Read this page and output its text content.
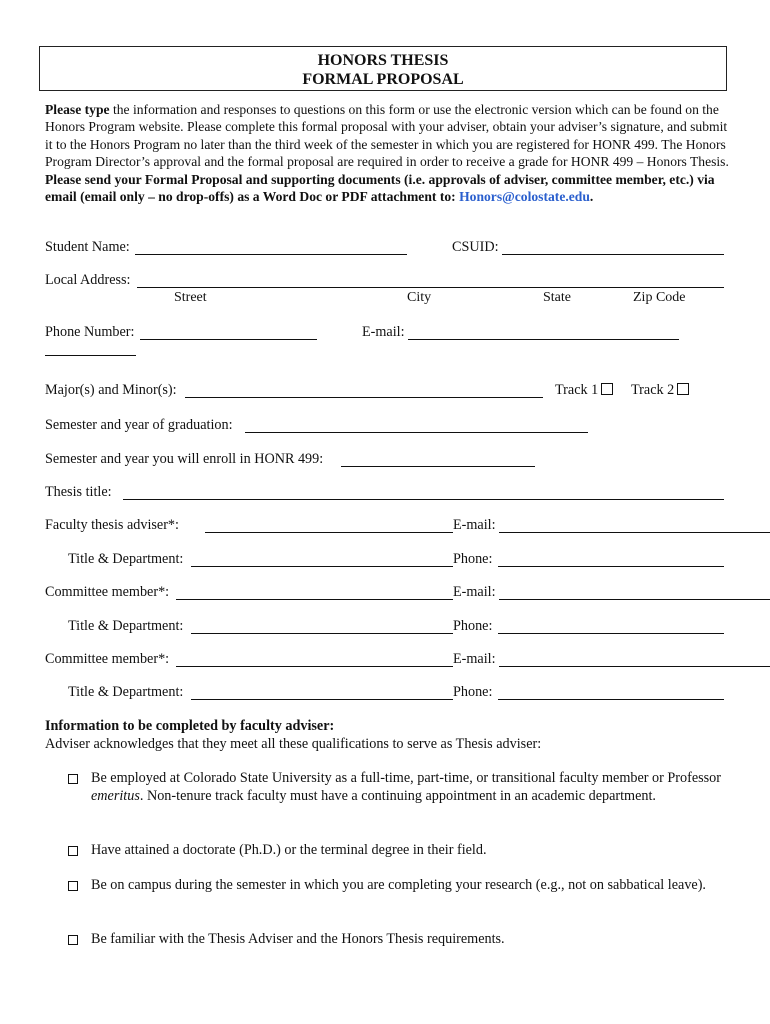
HONORS THESIS
FORMAL PROPOSAL
Please type the information and responses to questions on this form or use the electronic version which can be found on the Honors Program website. Please complete this formal proposal with your adviser, obtain your adviser’s signature, and submit it to the Honors Program no later than the third week of the semester in which you are registered for HONR 499. The Honors Program Director’s approval and the formal proposal are required in order to receive a grade for HONR 499 – Honors Thesis. Please send your Formal Proposal and supporting documents (i.e. approvals of adviser, committee member, etc.) via email (email only – no drop-offs) as a Word Doc or PDF attachment to: Honors@colostate.edu.
Student Name:	CSUID:
Local Address:
Street	City	State	Zip Code
Phone Number:	E-mail:
Major(s) and Minor(s):	Track 1	Track 2
Semester and year of graduation:
Semester and year you will enroll in HONR 499:
Thesis title:
Faculty thesis adviser*:	E-mail:
Title & Department:	Phone:
Committee member*:	E-mail:
Title & Department:	Phone:
Committee member*:	E-mail:
Title & Department:	Phone:
Information to be completed by faculty adviser:
Adviser acknowledges that they meet all these qualifications to serve as Thesis adviser:
Be employed at Colorado State University as a full-time, part-time, or transitional faculty member or Professor emeritus. Non-tenure track faculty must have a continuing appointment in an academic department.
Have attained a doctorate (Ph.D.) or the terminal degree in their field.
Be on campus during the semester in which you are completing your research (e.g., not on sabbatical leave).
Be familiar with the Thesis Adviser and the Honors Thesis requirements.
